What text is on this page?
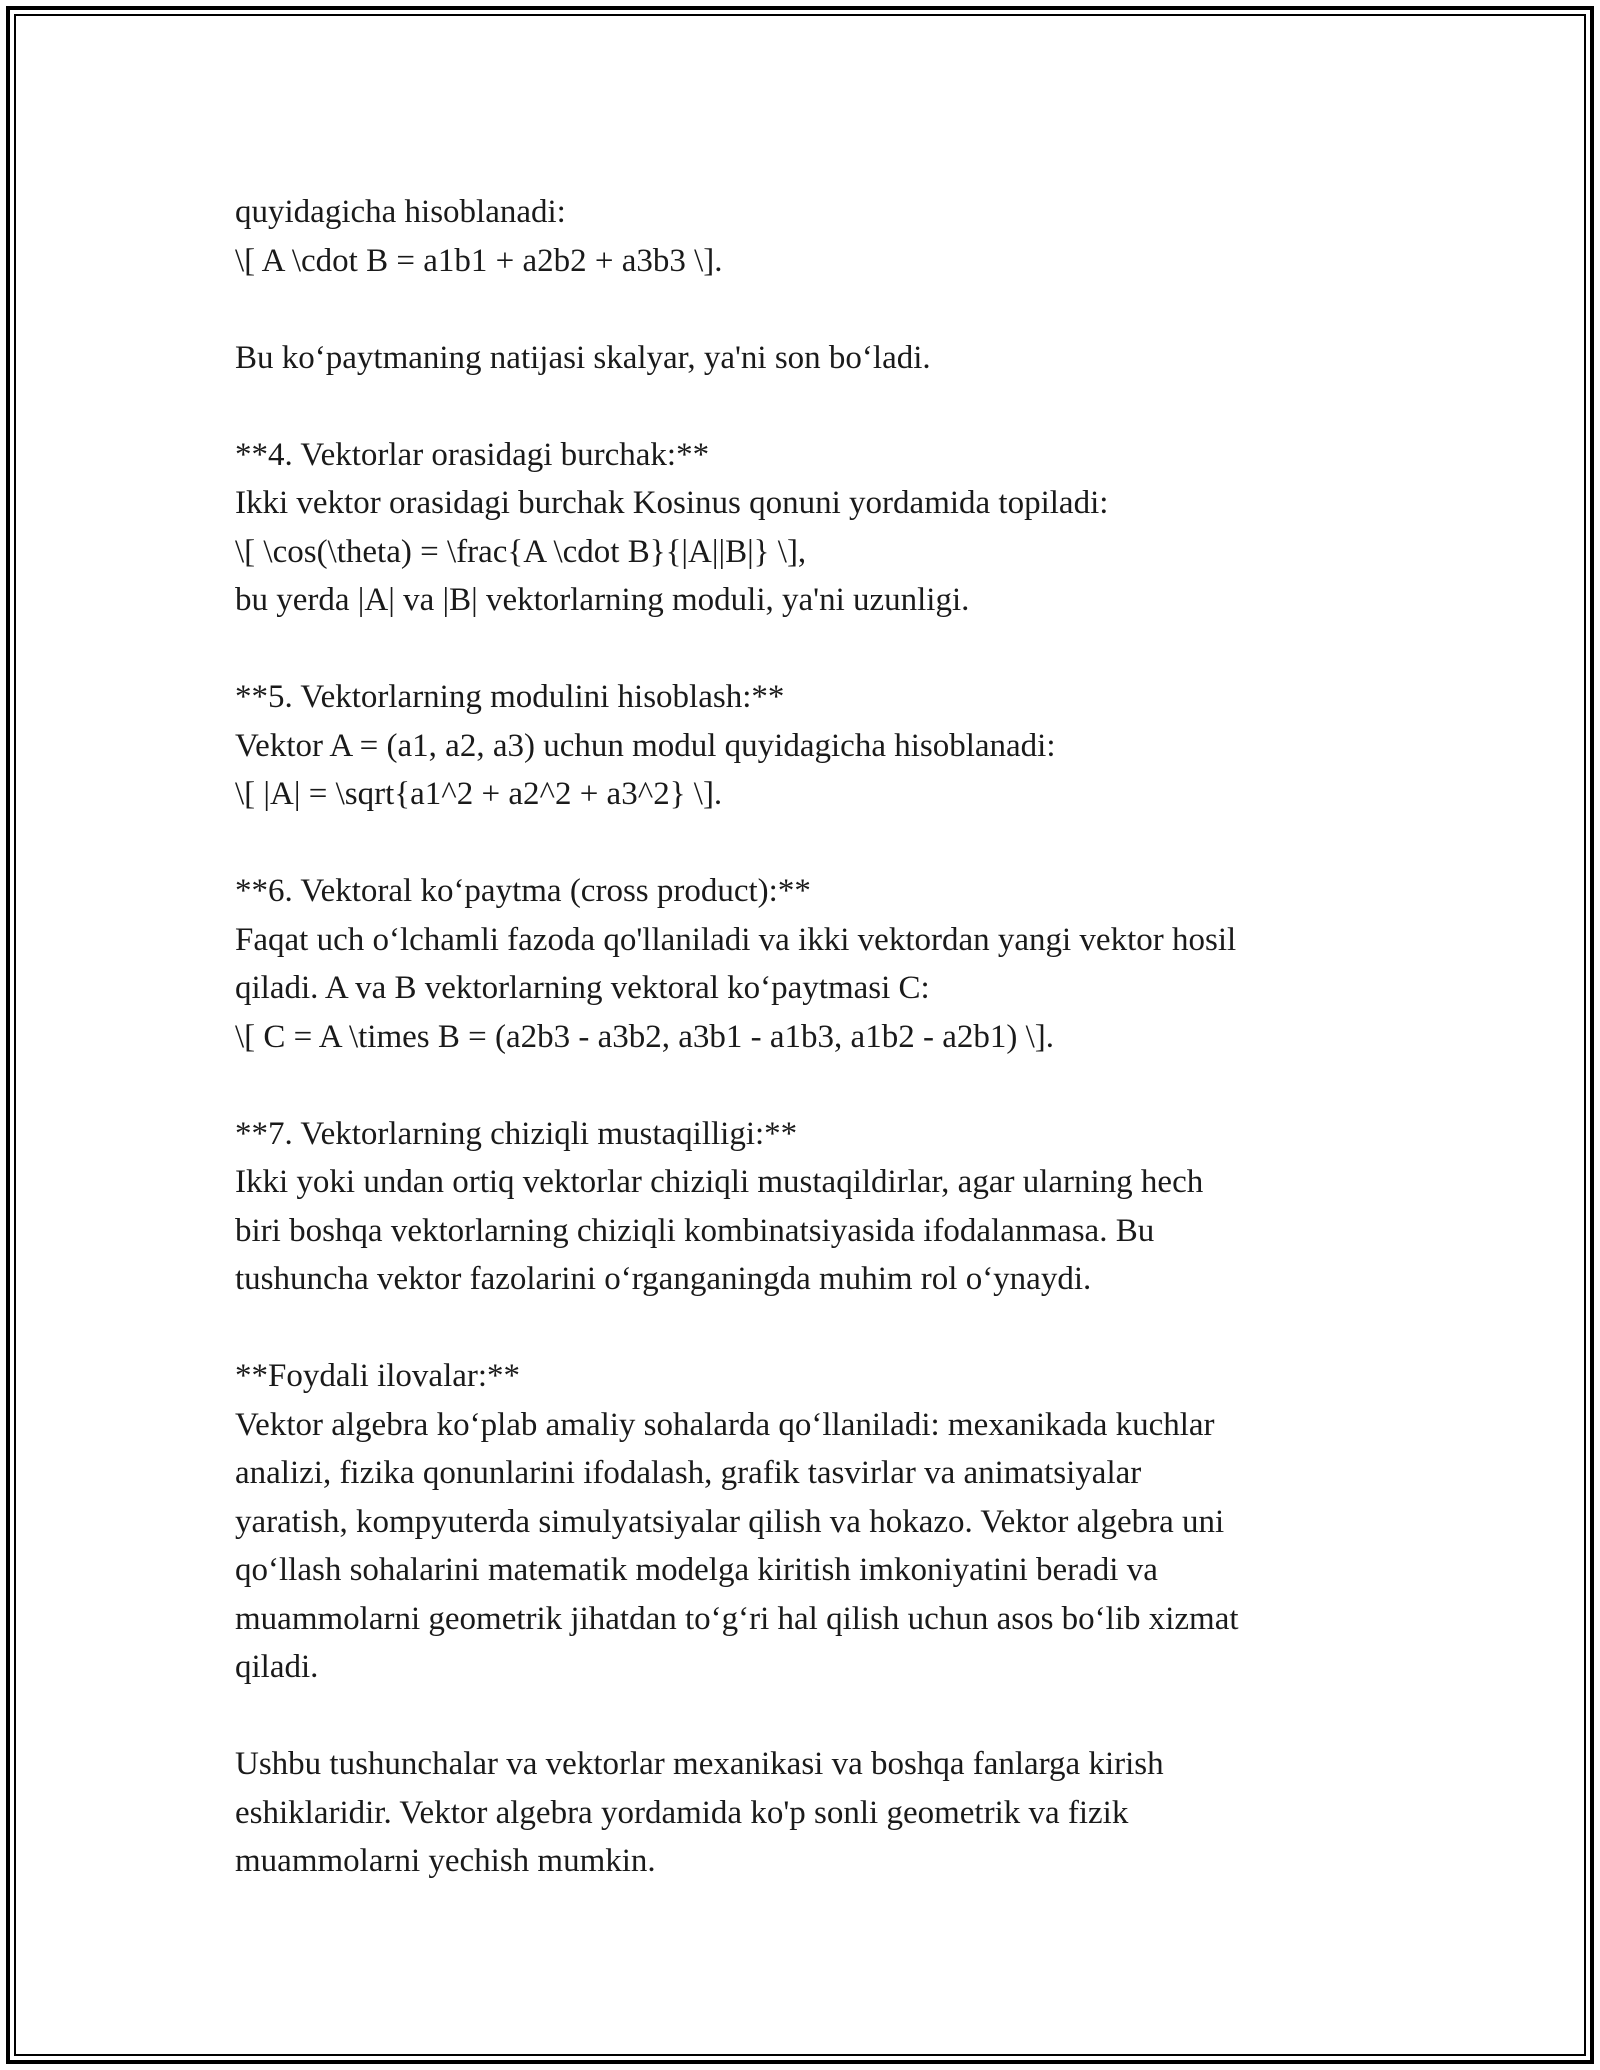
quyidagicha hisoblanadi:
\[ A \cdot B = a1b1 + a2b2 + a3b3 \].
Bu ko‘paytmaning natijasi skalyar, ya'ni son bo‘ladi.
**4. Vektorlar orasidagi burchak:**
Ikki vektor orasidagi burchak Kosinus qonuni yordamida topiladi:
\[ \cos(\theta) = \frac{A \cdot B}{|A||B|} \],
bu yerda |A| va |B| vektorlarning moduli, ya'ni uzunligi.
**5. Vektorlarning modulini hisoblash:**
Vektor A = (a1, a2, a3) uchun modul quyidagicha hisoblanadi:
\[ |A| = \sqrt{a1^2 + a2^2 + a3^2} \].
**6. Vektoral ko‘paytma (cross product):**
Faqat uch o‘lchamli fazoda qo'llaniladi va ikki vektordan yangi vektor hosil
qiladi. A va B vektorlarning vektoral ko‘paytmasi C:
\[ C = A \times B = (a2b3 - a3b2, a3b1 - a1b3, a1b2 - a2b1) \].
**7. Vektorlarning chiziqli mustaqilligi:**
Ikki yoki undan ortiq vektorlar chiziqli mustaqildirlar, agar ularning hech
biri boshqa vektorlarning chiziqli kombinatsiyasida ifodalanmasa. Bu
tushuncha vektor fazolarini o‘rganganingda muhim rol o‘ynaydi.
**Foydali ilovalar:**
Vektor algebra ko‘plab amaliy sohalarda qo‘llaniladi: mexanikada kuchlar
analizi, fizika qonunlarini ifodalash, grafik tasvirlar va animatsiyalar
yaratish, kompyuterda simulyatsiyalar qilish va hokazo. Vektor algebra uni
qo‘llash sohalarini matematik modelga kiritish imkoniyatini beradi va
muammolarni geometrik jihatdan to‘g‘ri hal qilish uchun asos bo‘lib xizmat
qiladi.
Ushbu tushunchalar va vektorlar mexanikasi va boshqa fanlarga kirish
eshiklaridir. Vektor algebra yordamida ko'p sonli geometrik va fizik
muammolarni yechish mumkin.
